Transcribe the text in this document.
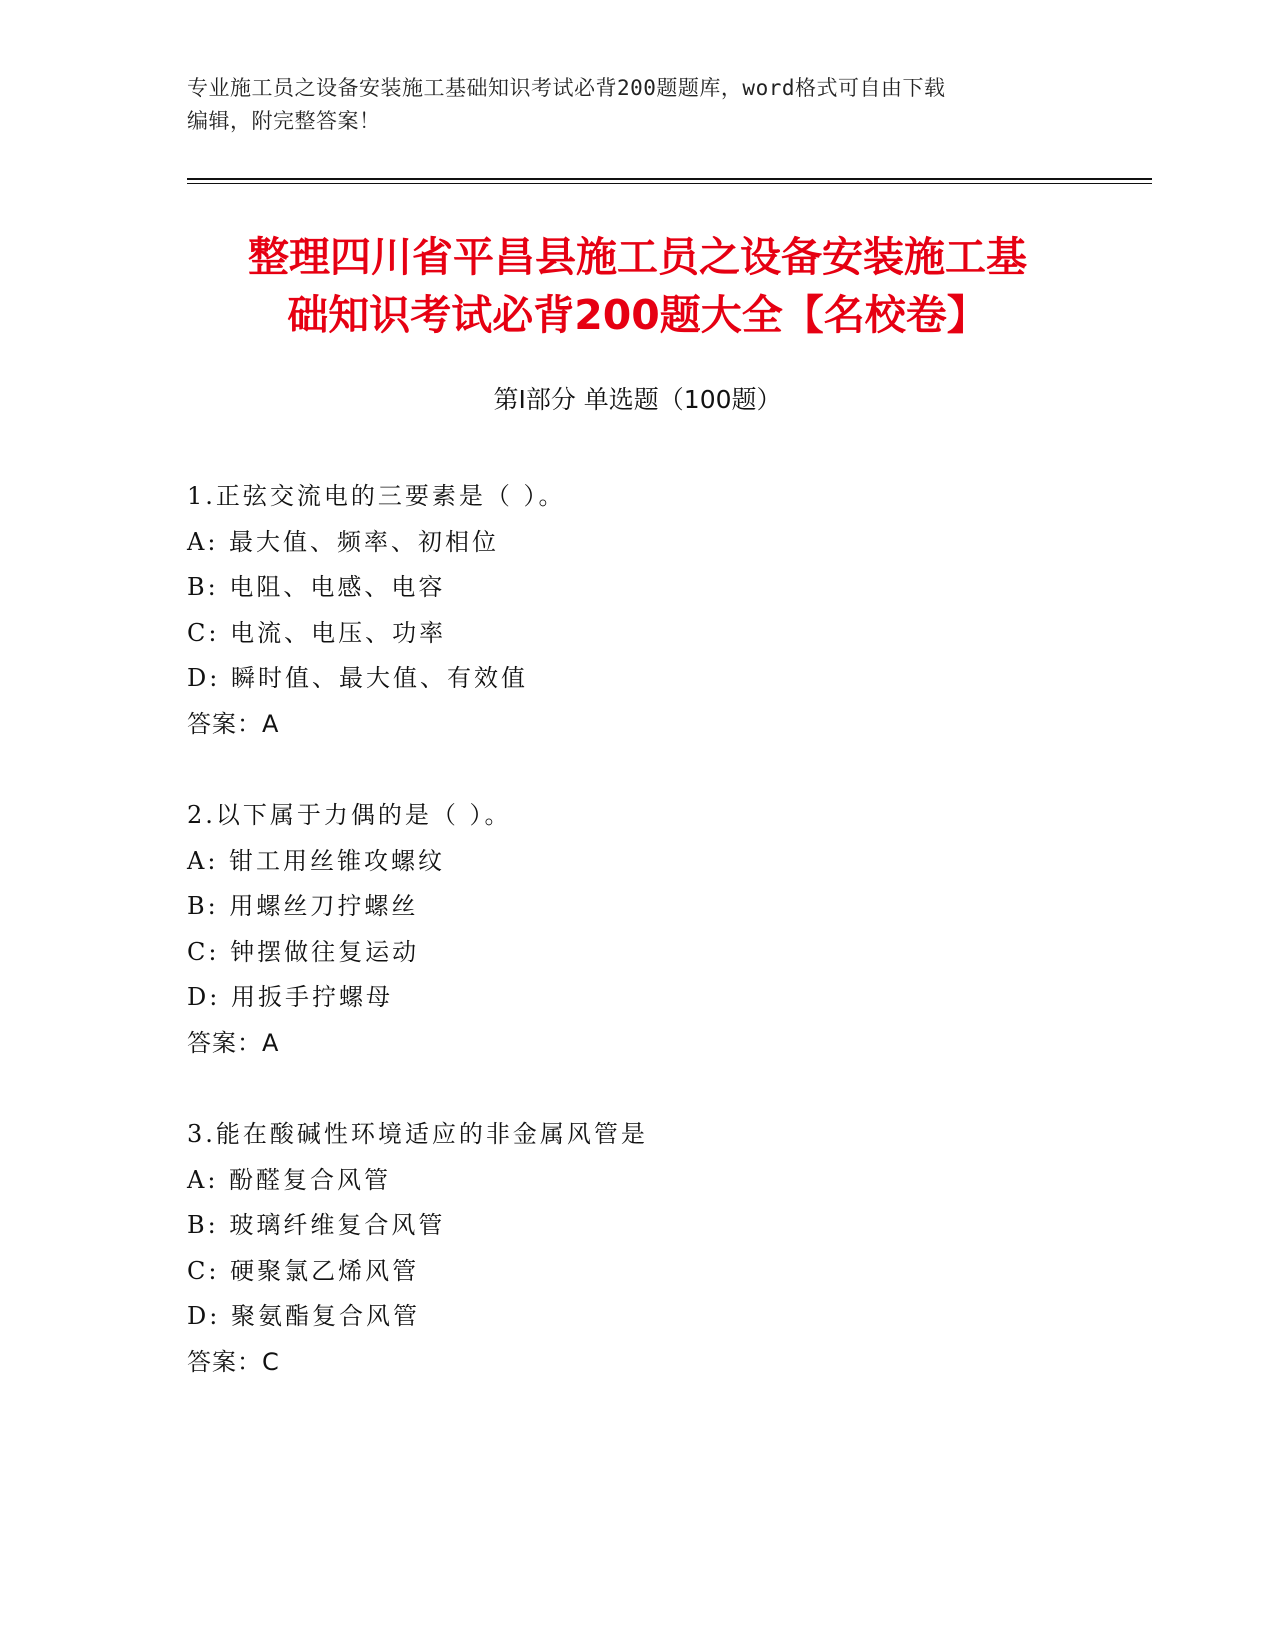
专业施工员之设备安装施工基础知识考试必背200题题库，word格式可自由下载
编辑，附完整答案！
整理四川省平昌县施工员之设备安装施工基
础知识考试必背200题大全【名校卷】
第Ⅰ部分 单选题（100题）
1.正弦交流电的三要素是（ ）。
A: 最大值、频率、初相位
B: 电阻、电感、电容
C: 电流、电压、功率
D: 瞬时值、最大值、有效值
答案：A
2.以下属于力偶的是（ ）。
A: 钳工用丝锥攻螺纹
B: 用螺丝刀拧螺丝
C: 钟摆做往复运动
D: 用扳手拧螺母
答案：A
3.能在酸碱性环境适应的非金属风管是
A: 酚醛复合风管
B: 玻璃纤维复合风管
C: 硬聚氯乙烯风管
D: 聚氨酯复合风管
答案：C
